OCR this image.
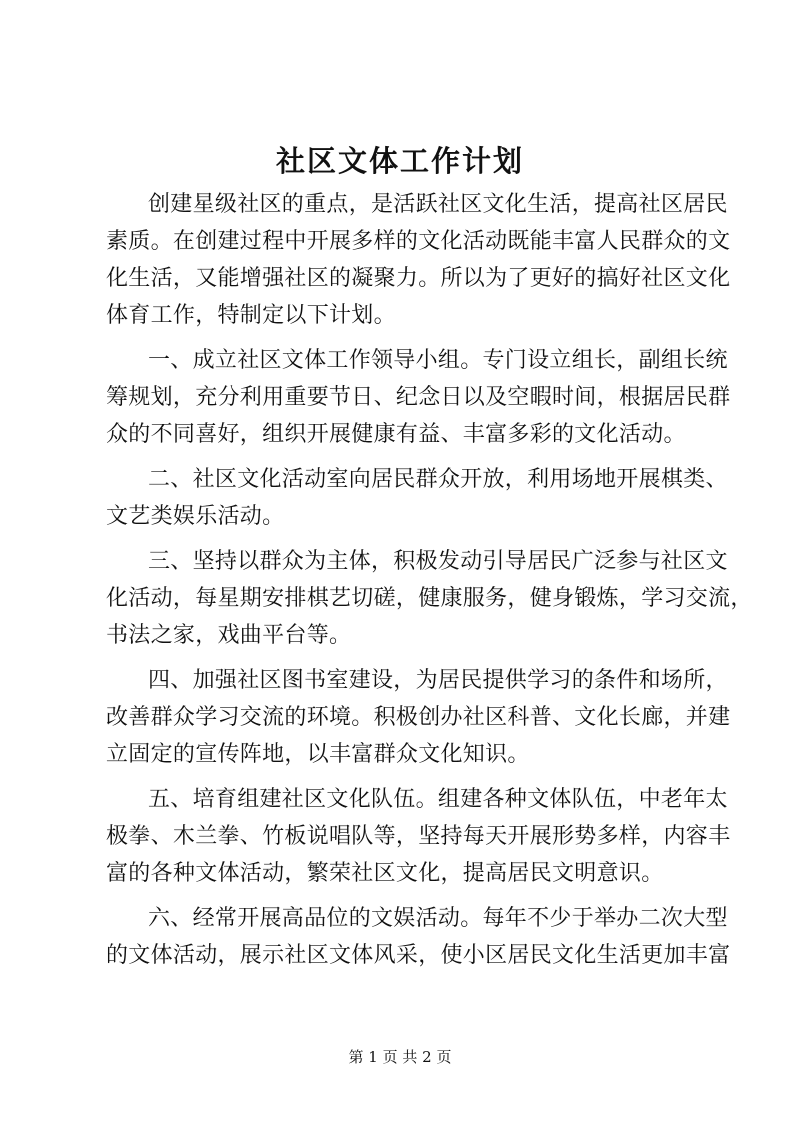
社区文体工作计划
创建星级社区的重点，是活跃社区文化生活，提高社区居民
素质。在创建过程中开展多样的文化活动既能丰富人民群众的文
化生活，又能增强社区的凝聚力。所以为了更好的搞好社区文化
体育工作，特制定以下计划。
一、成立社区文体工作领导小组。专门设立组长，副组长统
筹规划，充分利用重要节日、纪念日以及空暇时间，根据居民群
众的不同喜好，组织开展健康有益、丰富多彩的文化活动。
二、社区文化活动室向居民群众开放，利用场地开展棋类、
文艺类娱乐活动。
三、坚持以群众为主体，积极发动引导居民广泛参与社区文
化活动，每星期安排棋艺切磋，健康服务，健身锻炼，学习交流，
书法之家，戏曲平台等。
四、加强社区图书室建设，为居民提供学习的条件和场所，
改善群众学习交流的环境。积极创办社区科普、文化长廊，并建
立固定的宣传阵地，以丰富群众文化知识。
五、培育组建社区文化队伍。组建各种文体队伍，中老年太
极拳、木兰拳、竹板说唱队等，坚持每天开展形势多样，内容丰
富的各种文体活动，繁荣社区文化，提高居民文明意识。
六、经常开展高品位的文娱活动。每年不少于举办二次大型
的文体活动，展示社区文体风采，使小区居民文化生活更加丰富
第 1 页 共 2 页
